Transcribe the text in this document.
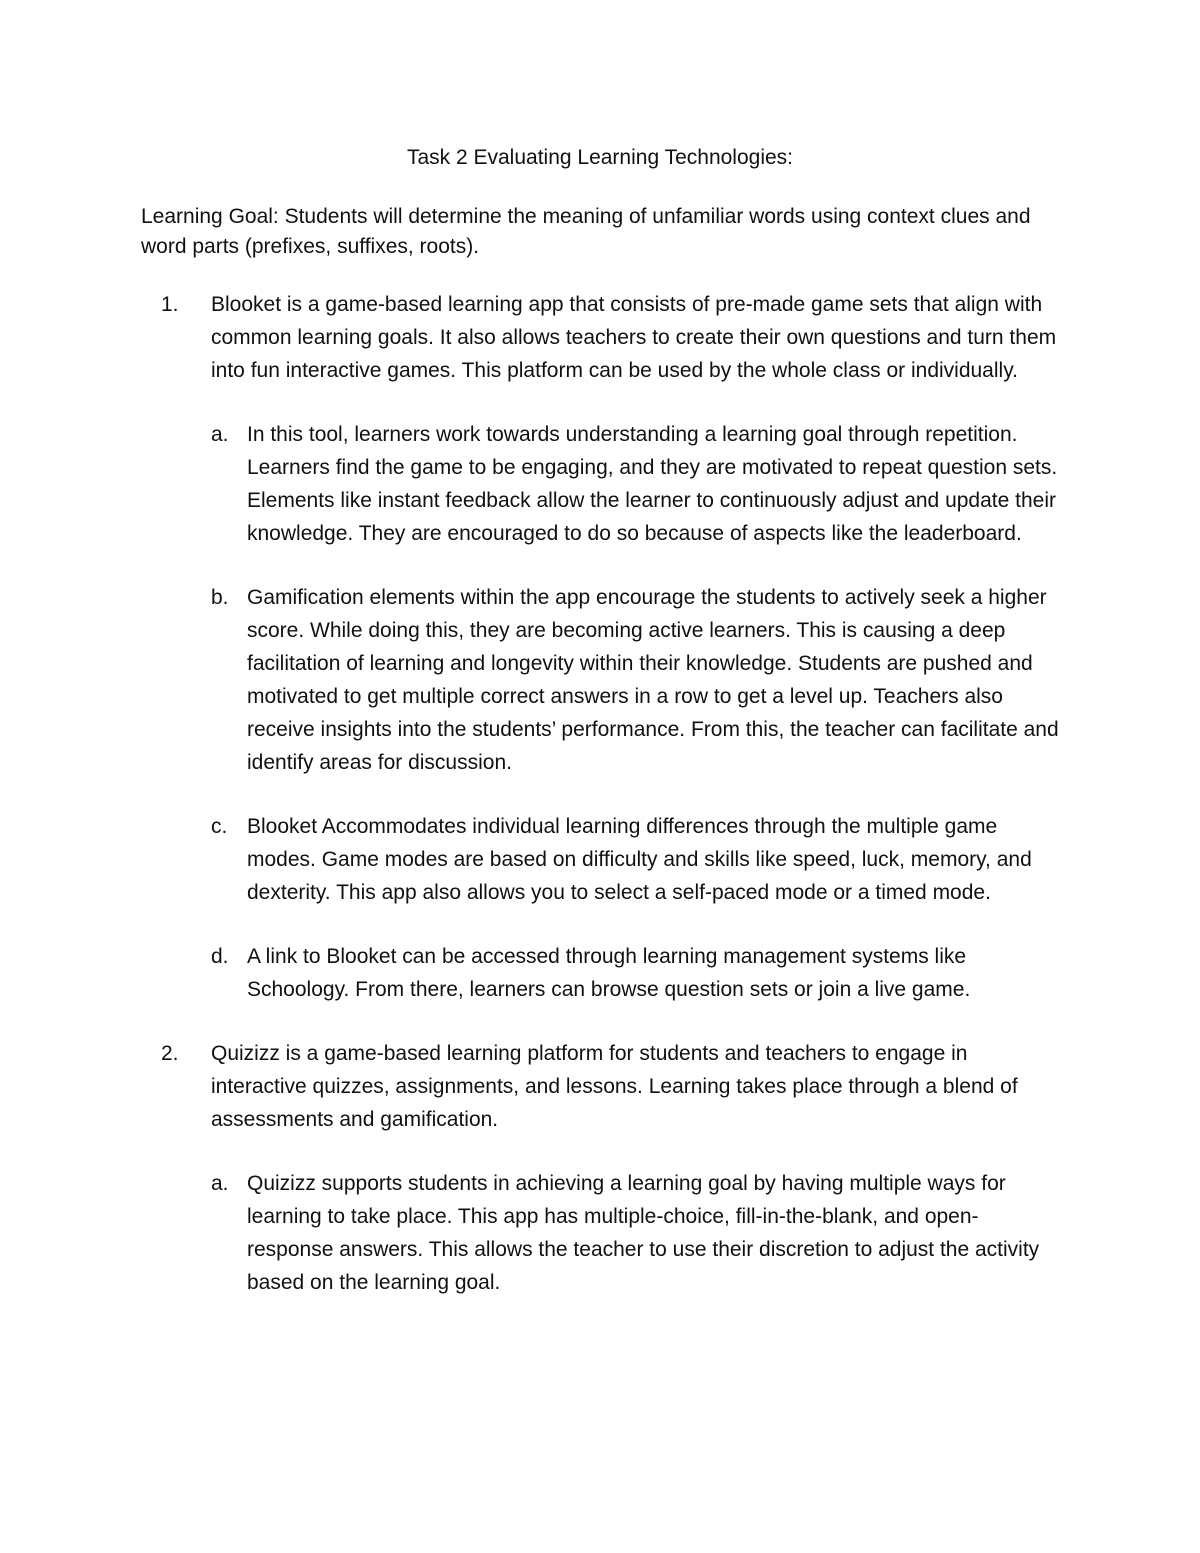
Task 2 Evaluating Learning Technologies:
Learning Goal: Students will determine the meaning of unfamiliar words using context clues and word parts (prefixes, suffixes, roots).
1. Blooket is a game-based learning app that consists of pre-made game sets that align with common learning goals. It also allows teachers to create their own questions and turn them into fun interactive games. This platform can be used by the whole class or individually.

a. In this tool, learners work towards understanding a learning goal through repetition. Learners find the game to be engaging, and they are motivated to repeat question sets. Elements like instant feedback allow the learner to continuously adjust and update their knowledge. They are encouraged to do so because of aspects like the leaderboard.

b. Gamification elements within the app encourage the students to actively seek a higher score. While doing this, they are becoming active learners. This is causing a deep facilitation of learning and longevity within their knowledge. Students are pushed and motivated to get multiple correct answers in a row to get a level up. Teachers also receive insights into the students’ performance. From this, the teacher can facilitate and identify areas for discussion.

c. Blooket Accommodates individual learning differences through the multiple game modes. Game modes are based on difficulty and skills like speed, luck, memory, and dexterity. This app also allows you to select a self-paced mode or a timed mode.

d. A link to Blooket can be accessed through learning management systems like Schoology. From there, learners can browse question sets or join a live game.

2. Quizizz is a game-based learning platform for students and teachers to engage in interactive quizzes, assignments, and lessons. Learning takes place through a blend of assessments and gamification.

a. Quizizz supports students in achieving a learning goal by having multiple ways for learning to take place. This app has multiple-choice, fill-in-the-blank, and open-response answers. This allows the teacher to use their discretion to adjust the activity based on the learning goal.
